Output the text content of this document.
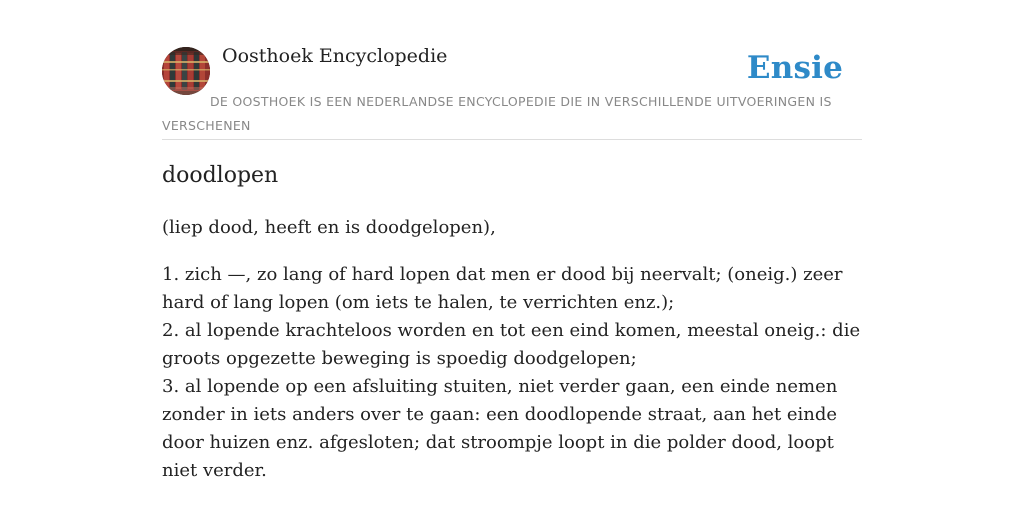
Oosthoek Encyclopedie	Ensie
DE OOSTHOEK IS EEN NEDERLANDSE ENCYCLOPEDIE DIE IN VERSCHILLENDE UITVOERINGEN IS VERSCHENEN
doodlopen

(liep dood, heeft en is doodgelopen),

1. zich —, zo lang of hard lopen dat men er dood bij neervalt; (oneig.) zeer hard of lang lopen (om iets te halen, te verrichten enz.);
2. al lopende krachteloos worden en tot een eind komen, meestal oneig.: die groots opgezette beweging is spoedig doodgelopen;
3. al lopende op een afsluiting stuiten, niet verder gaan, een einde nemen zonder in iets anders over te gaan: een doodlopende straat, aan het einde door huizen enz. afgesloten; dat stroompje loopt in die polder dood, loopt niet verder.
